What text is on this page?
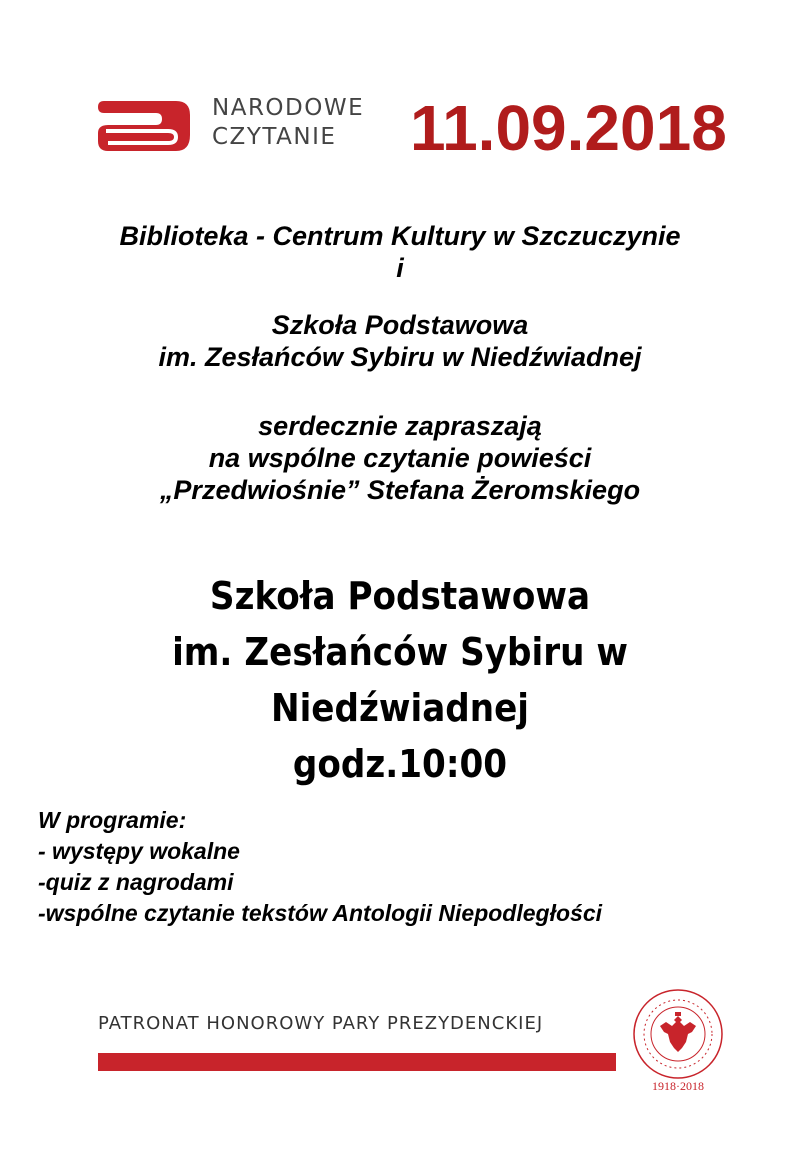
NARODOWE
CZYTANIE	11.09.2018
Biblioteka - Centrum Kultury w Szczuczynie
i
Szkoła Podstawowa
im. Zesłańców Sybiru w Niedźwiadnej
serdecznie zapraszają
na wspólne czytanie powieści
„Przedwiośnie” Stefana Żeromskiego
Szkoła Podstawowa
im. Zesłańców Sybiru w Niedźwiadnej
godz.10:00
W programie:
- występy wokalne
-quiz z nagrodami
-wspólne czytanie tekstów Antologii Niepodległości
PATRONAT HONOROWY PARY PREZYDENCKIEJ
1918·2018
